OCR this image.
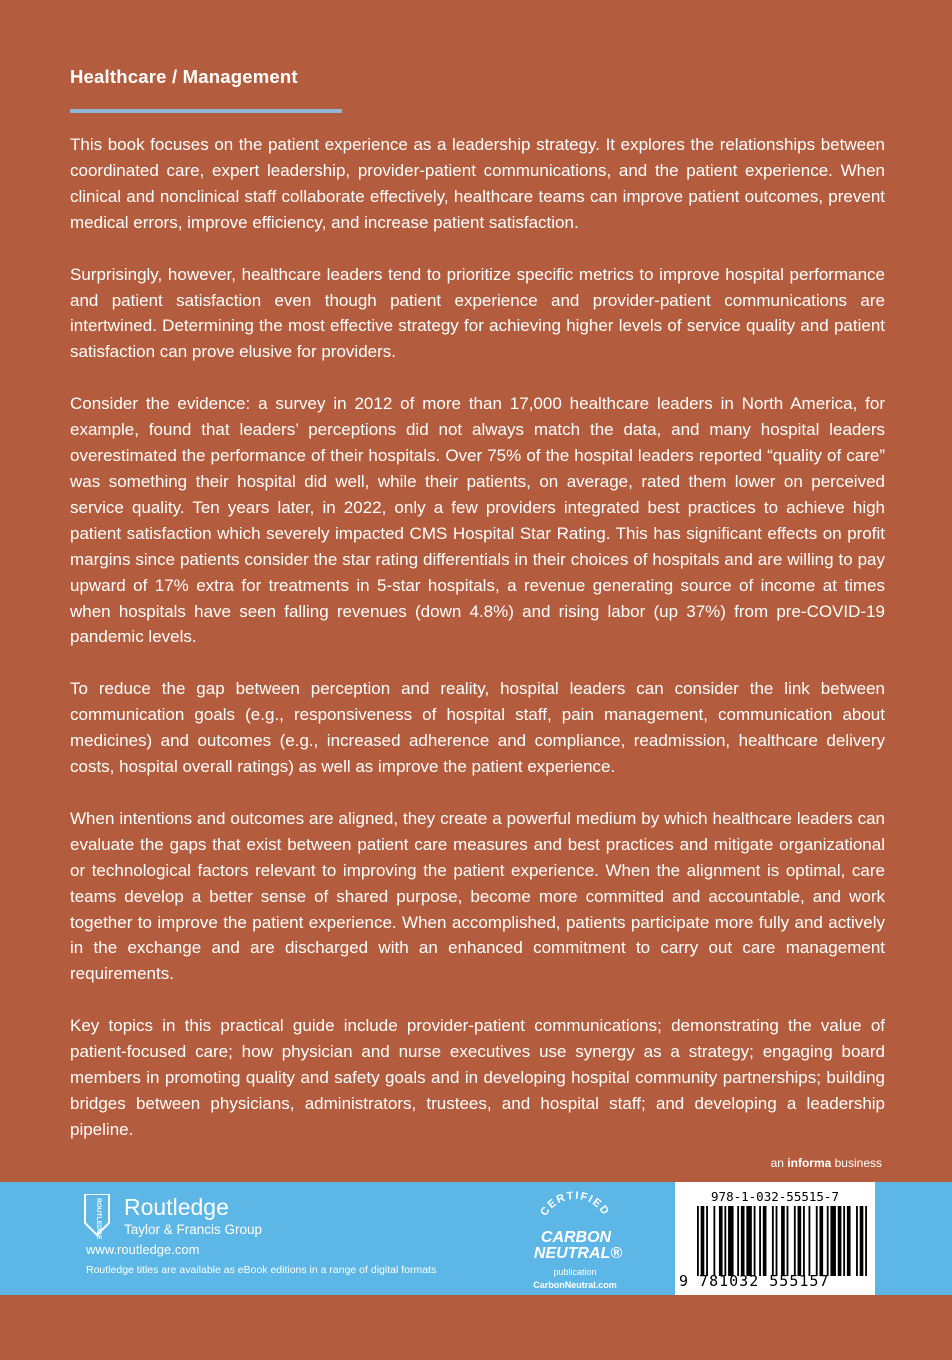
Healthcare / Management

This book focuses on the patient experience as a leadership strategy. It explores the relationships between coordinated care, expert leadership, provider-patient communications, and the patient experience. When clinical and nonclinical staff collaborate effectively, healthcare teams can improve patient outcomes, prevent medical errors, improve efficiency, and increase patient satisfaction.

Surprisingly, however, healthcare leaders tend to prioritize specific metrics to improve hospital performance and patient satisfaction even though patient experience and provider-patient communications are intertwined. Determining the most effective strategy for achieving higher levels of service quality and patient satisfaction can prove elusive for providers.

Consider the evidence: a survey in 2012 of more than 17,000 healthcare leaders in North America, for example, found that leaders’ perceptions did not always match the data, and many hospital leaders overestimated the performance of their hospitals. Over 75% of the hospital leaders reported “quality of care” was something their hospital did well, while their patients, on average, rated them lower on perceived service quality. Ten years later, in 2022, only a few providers integrated best practices to achieve high patient satisfaction which severely impacted CMS Hospital Star Rating. This has significant effects on profit margins since patients consider the star rating differentials in their choices of hospitals and are willing to pay upward of 17% extra for treatments in 5-star hospitals, a revenue generating source of income at times when hospitals have seen falling revenues (down 4.8%) and rising labor (up 37%) from pre-COVID-19 pandemic levels.

To reduce the gap between perception and reality, hospital leaders can consider the link between communication goals (e.g., responsiveness of hospital staff, pain management, communication about medicines) and outcomes (e.g., increased adherence and compliance, readmission, healthcare delivery costs, hospital overall ratings) as well as improve the patient experience.

When intentions and outcomes are aligned, they create a powerful medium by which healthcare leaders can evaluate the gaps that exist between patient care measures and best practices and mitigate organizational or technological factors relevant to improving the patient experience. When the alignment is optimal, care teams develop a better sense of shared purpose, become more committed and accountable, and work together to improve the patient experience. When accomplished, patients participate more fully and actively in the exchange and are discharged with an enhanced commitment to carry out care management requirements.

Key topics in this practical guide include provider-patient communications; demonstrating the value of patient-focused care; how physician and nurse executives use synergy as a strategy; engaging board members in promoting quality and safety goals and in developing hospital community partnerships; building bridges between physicians, administrators, trustees, and hospital staff; and developing a leadership pipeline.

an informa business
ROUTLEDGE Routledge
Taylor & Francis Group
www.routledge.com
Routledge titles are available as eBook editions in a range of digital formats
CERTIFIED
CARBON
NEUTRAL®
publication
CarbonNeutral.com
978-1-032-55515-7
9 781032 555157
